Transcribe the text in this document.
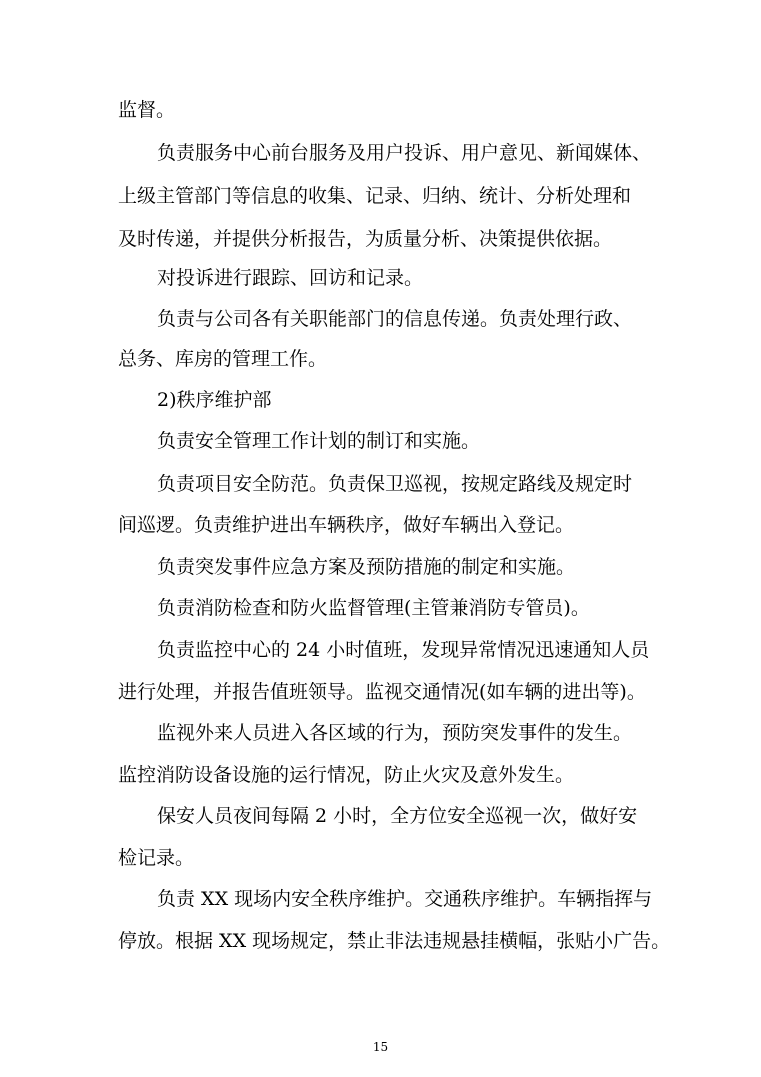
监督。

负责服务中心前台服务及用户投诉、用户意见、新闻媒体、

上级主管部门等信息的收集、记录、归纳、统计、分析处理和

及时传递，并提供分析报告，为质量分析、决策提供依据。

对投诉进行跟踪、回访和记录。

负责与公司各有关职能部门的信息传递。负责处理行政、

总务、库房的管理工作。

2)秩序维护部

负责安全管理工作计划的制订和实施。

负责项目安全防范。负责保卫巡视，按规定路线及规定时

间巡逻。负责维护进出车辆秩序，做好车辆出入登记。

负责突发事件应急方案及预防措施的制定和实施。

负责消防检查和防火监督管理(主管兼消防专管员)。

负责监控中心的 24 小时值班，发现异常情况迅速通知人员

进行处理，并报告值班领导。监视交通情况(如车辆的进出等)。

监视外来人员进入各区域的行为，预防突发事件的发生。

监控消防设备设施的运行情况，防止火灾及意外发生。

保安人员夜间每隔 2 小时，全方位安全巡视一次，做好安

检记录。

负责 XX 现场内安全秩序维护。交通秩序维护。车辆指挥与

停放。根据 XX 现场规定，禁止非法违规悬挂横幅，张贴小广告。

15
